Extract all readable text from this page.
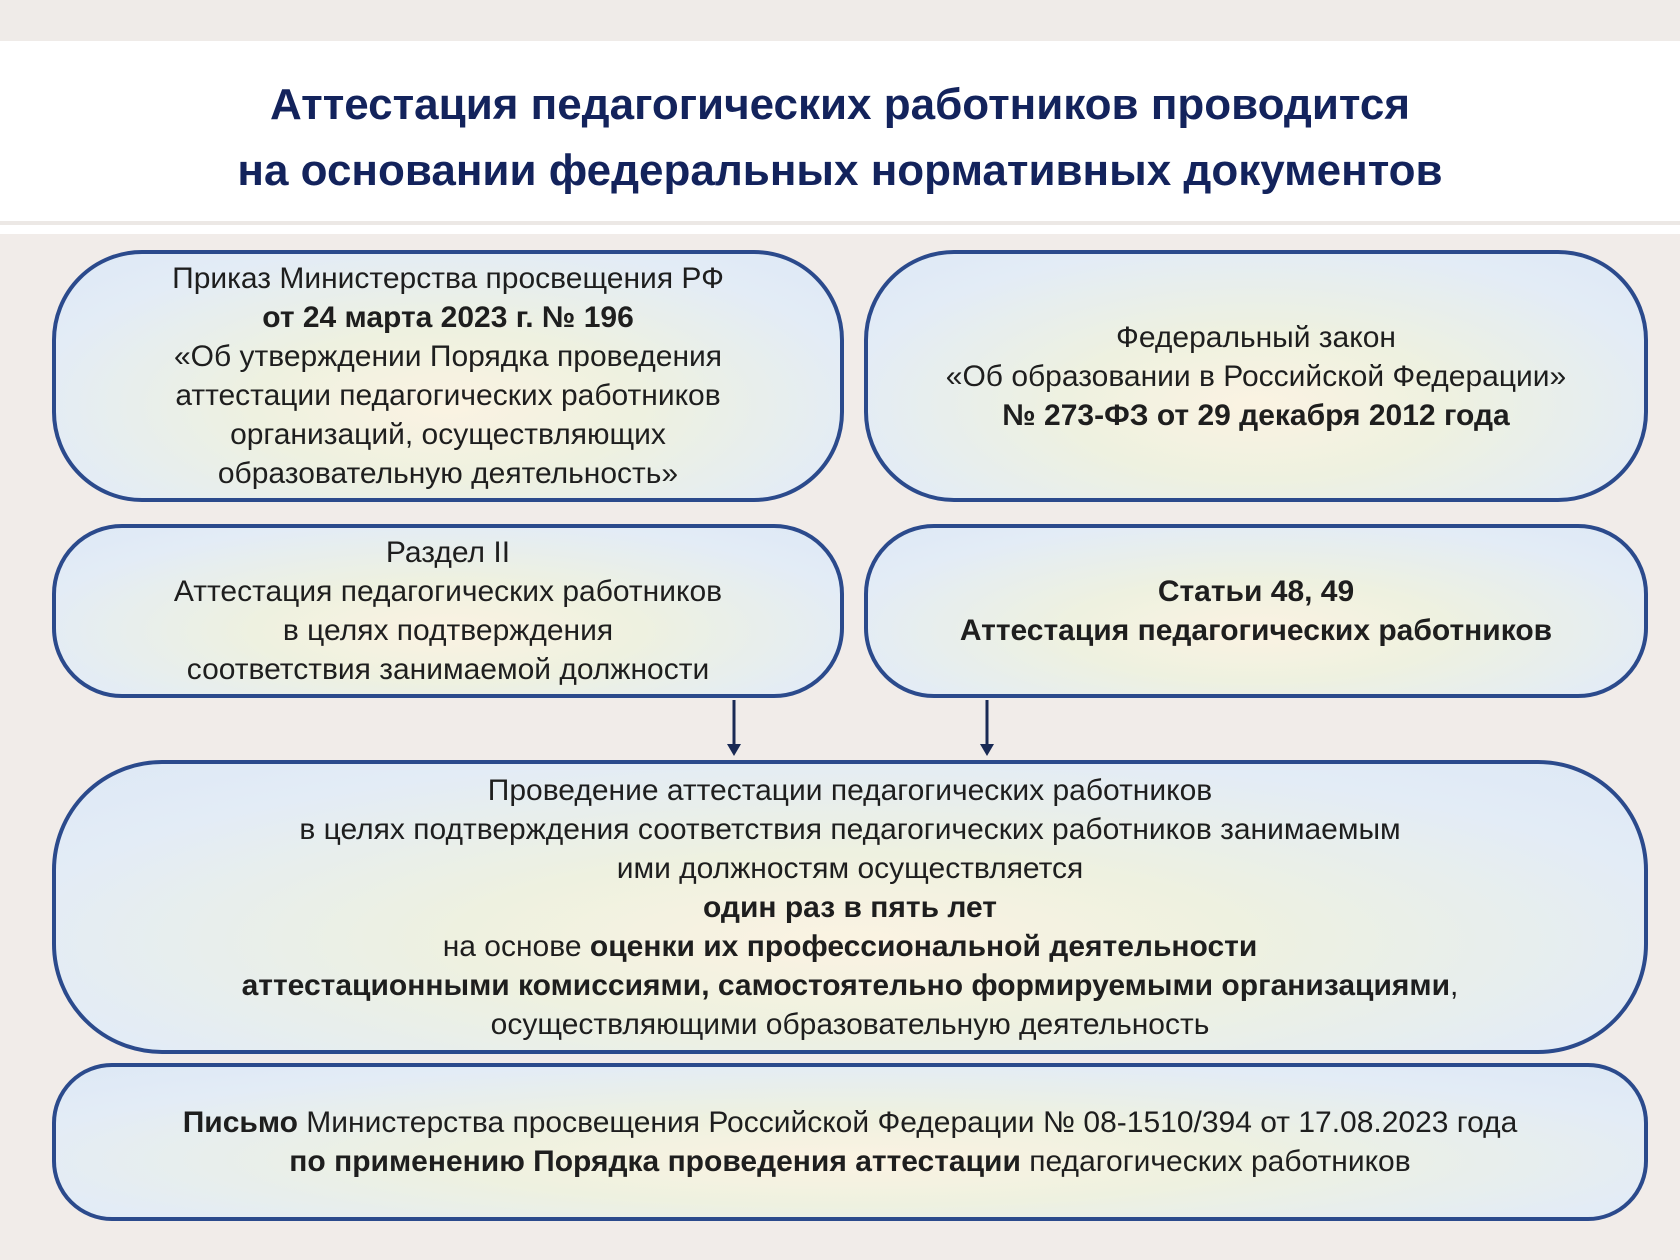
Аттестация педагогических работников проводится
на основании федеральных нормативных документов
Приказ Министерства просвещения РФ
от 24 марта 2023 г. № 196
«Об утверждении Порядка проведения
аттестации педагогических работников
организаций, осуществляющих
образовательную деятельность»
Федеральный закон
«Об образовании в Российской Федерации»
№ 273-ФЗ от 29 декабря 2012 года
Раздел II
Аттестация педагогических работников
в целях подтверждения
соответствия занимаемой должности
Статьи 48, 49
Аттестация педагогических работников
Проведение аттестации педагогических работников
в целях подтверждения соответствия педагогических работников занимаемым
ими должностям осуществляется
один раз в пять лет
на основе оценки их профессиональной деятельности
аттестационными комиссиями, самостоятельно формируемыми организациями,
осуществляющими образовательную деятельность
Письмо Министерства просвещения Российской Федерации № 08-1510/394 от 17.08.2023 года
по применению Порядка проведения аттестации педагогических работников
